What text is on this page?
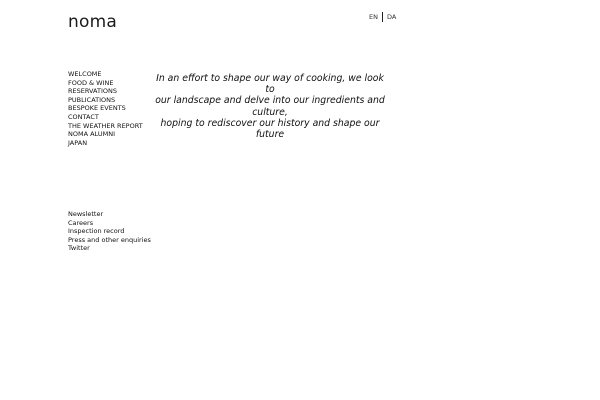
noma	EN DA
WELCOME
FOOD & WINE
RESERVATIONS
PUBLICATIONS
BESPOKE EVENTS
CONTACT
THE WEATHER REPORT
NOMA ALUMNI
JAPAN
In an effort to shape our way of cooking, we look to
our landscape and delve into our ingredients and
culture,
hoping to rediscover our history and shape our future
Newsletter
Careers
Inspection record
Press and other enquiries
Twitter
